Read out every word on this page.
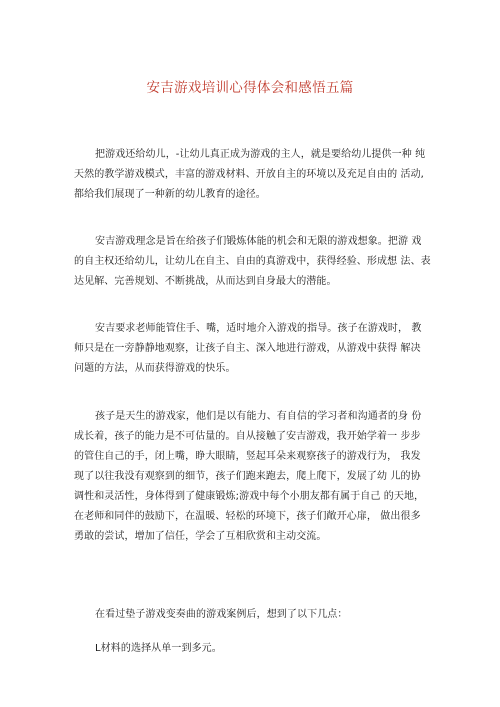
安吉游戏培训心得体会和感悟五篇
把游戏还给幼儿，-让幼儿真正成为游戏的主人，就是要给幼儿提供一种 纯
天然的教学游戏模式，丰富的游戏材料、开放自主的环境以及充足自由的 活动,
都给我们展现了一种新的幼儿教育的途径。
安吉游戏理念是旨在给孩子们锻炼体能的机会和无限的游戏想象。把游 戏
的自主权还给幼儿，让幼儿在自主、自由的真游戏中，获得经验、形成想 法、表
达见解、完善规划、不断挑战，从而达到自身最大的潜能。
安吉要求老师能管住手、嘴，适时地介入游戏的指导。孩子在游戏时， 教
师只是在一旁静静地观察，让孩子自主、深入地进行游戏，从游戏中获得 解决
问题的方法，从而获得游戏的快乐。
孩子是天生的游戏家，他们是以有能力、有自信的学习者和沟通者的身 份
成长着，孩子的能力是不可估量的。自从接触了安吉游戏，我开始学着一 步步
的管住自己的手，闭上嘴，睁大眼睛，竖起耳朵来观察孩子的游戏行为， 我发
现了以往我没有观察到的细节，孩子们跑来跑去，爬上爬下，发展了幼 儿的协
调性和灵活性，身体得到了健康锻炼;游戏中每个小朋友都有属于自己 的天地，
在老师和同伴的鼓励下，在温暖、轻松的环境下，孩子们敞开心扉， 做出很多
勇敢的尝试，增加了信任，学会了互相欣赏和主动交流。
在看过垫子游戏变奏曲的游戏案例后，想到了以下几点：
L材料的选择从单一到多元。
